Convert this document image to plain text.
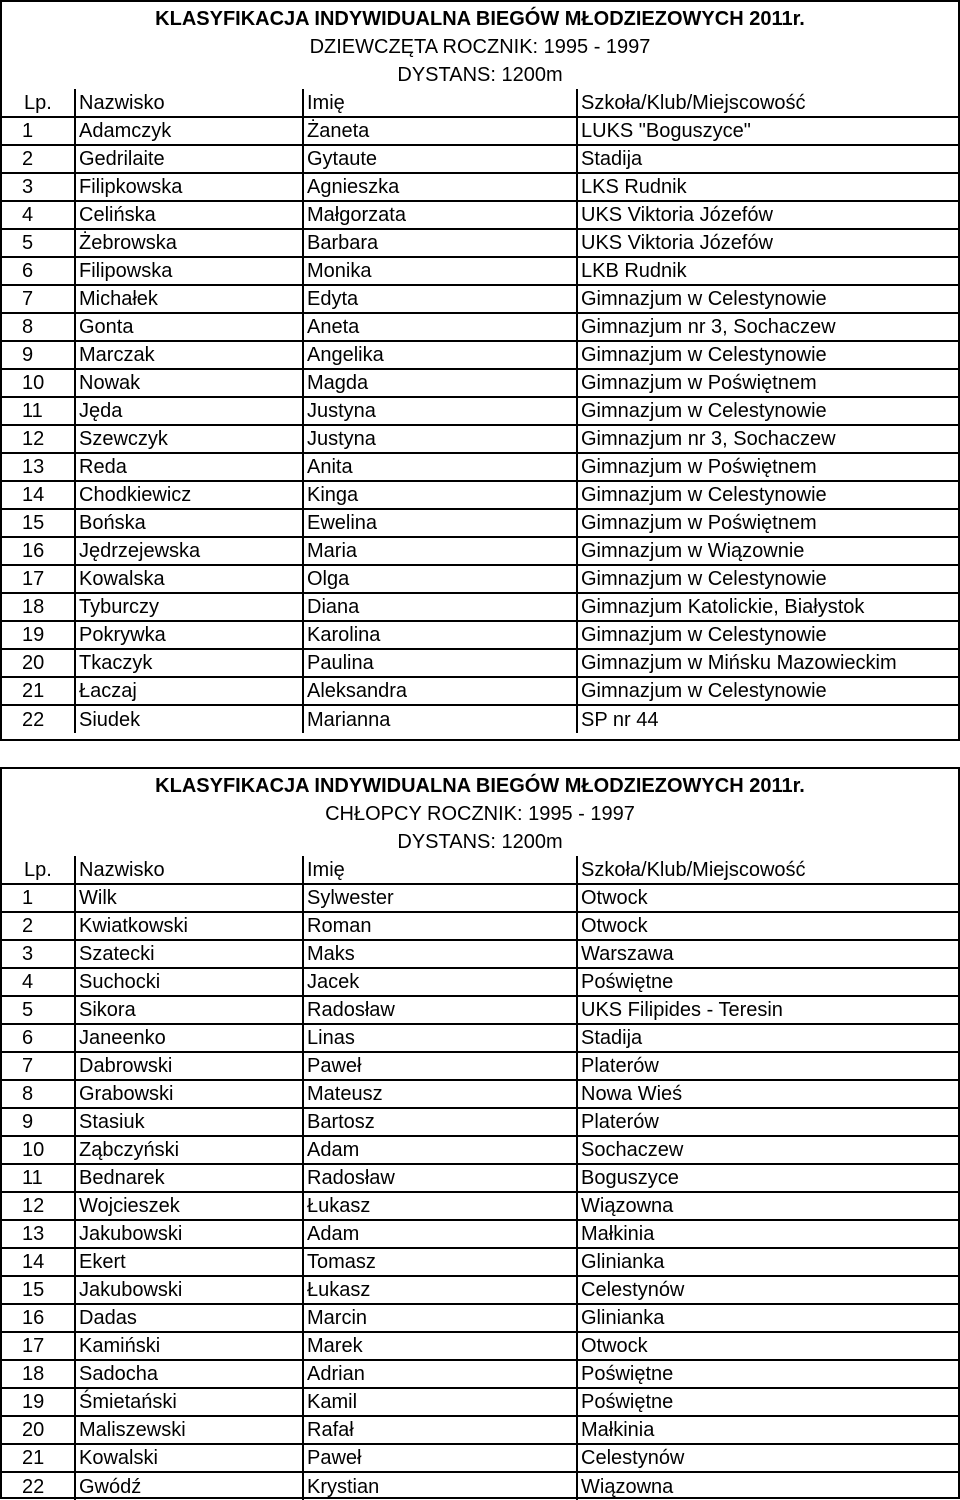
KLASYFIKACJA INDYWIDUALNA BIEGÓW MŁODZIEZOWYCH 2011r.
DZIEWCZĘTA ROCZNIK: 1995 - 1997
DYSTANS: 1200m
Lp.	Nazwisko	Imię	Szkoła/Klub/Miejscowość
1	Adamczyk	Żaneta	LUKS "Boguszyce"
2	Gedrilaite	Gytaute	Stadija
3	Filipkowska	Agnieszka	LKS Rudnik
4	Celińska	Małgorzata	UKS Viktoria Józefów
5	Żebrowska	Barbara	UKS Viktoria Józefów
6	Filipowska	Monika	LKB Rudnik
7	Michałek	Edyta	Gimnazjum w Celestynowie
8	Gonta	Aneta	Gimnazjum nr 3, Sochaczew
9	Marczak	Angelika	Gimnazjum w Celestynowie
10	Nowak	Magda	Gimnazjum w Poświętnem
11	Jęda	Justyna	Gimnazjum w Celestynowie
12	Szewczyk	Justyna	Gimnazjum nr 3, Sochaczew
13	Reda	Anita	Gimnazjum w Poświętnem
14	Chodkiewicz	Kinga	Gimnazjum w Celestynowie
15	Bońska	Ewelina	Gimnazjum w Poświętnem
16	Jędrzejewska	Maria	Gimnazjum w Wiązownie
17	Kowalska	Olga	Gimnazjum w Celestynowie
18	Tyburczy	Diana	Gimnazjum Katolickie, Białystok
19	Pokrywka	Karolina	Gimnazjum w Celestynowie
20	Tkaczyk	Paulina	Gimnazjum w Mińsku Mazowieckim
21	Łaczaj	Aleksandra	Gimnazjum w Celestynowie
22	Siudek	Marianna	SP nr 44
KLASYFIKACJA INDYWIDUALNA BIEGÓW MŁODZIEZOWYCH 2011r.
CHŁOPCY ROCZNIK: 1995 - 1997
DYSTANS: 1200m
Lp.	Nazwisko	Imię	Szkoła/Klub/Miejscowość
1	Wilk	Sylwester	Otwock
2	Kwiatkowski	Roman	Otwock
3	Szatecki	Maks	Warszawa
4	Suchocki	Jacek	Poświętne
5	Sikora	Radosław	UKS Filipides - Teresin
6	Janeenko	Linas	Stadija
7	Dabrowski	Paweł	Platerów
8	Grabowski	Mateusz	Nowa Wieś
9	Stasiuk	Bartosz	Platerów
10	Ząbczyński	Adam	Sochaczew
11	Bednarek	Radosław	Boguszyce
12	Wojcieszek	Łukasz	Wiązowna
13	Jakubowski	Adam	Małkinia
14	Ekert	Tomasz	Glinianka
15	Jakubowski	Łukasz	Celestynów
16	Dadas	Marcin	Glinianka
17	Kamiński	Marek	Otwock
18	Sadocha	Adrian	Poświętne
19	Śmietański	Kamil	Poświętne
20	Maliszewski	Rafał	Małkinia
21	Kowalski	Paweł	Celestynów
22	Gwódź	Krystian	Wiązowna
